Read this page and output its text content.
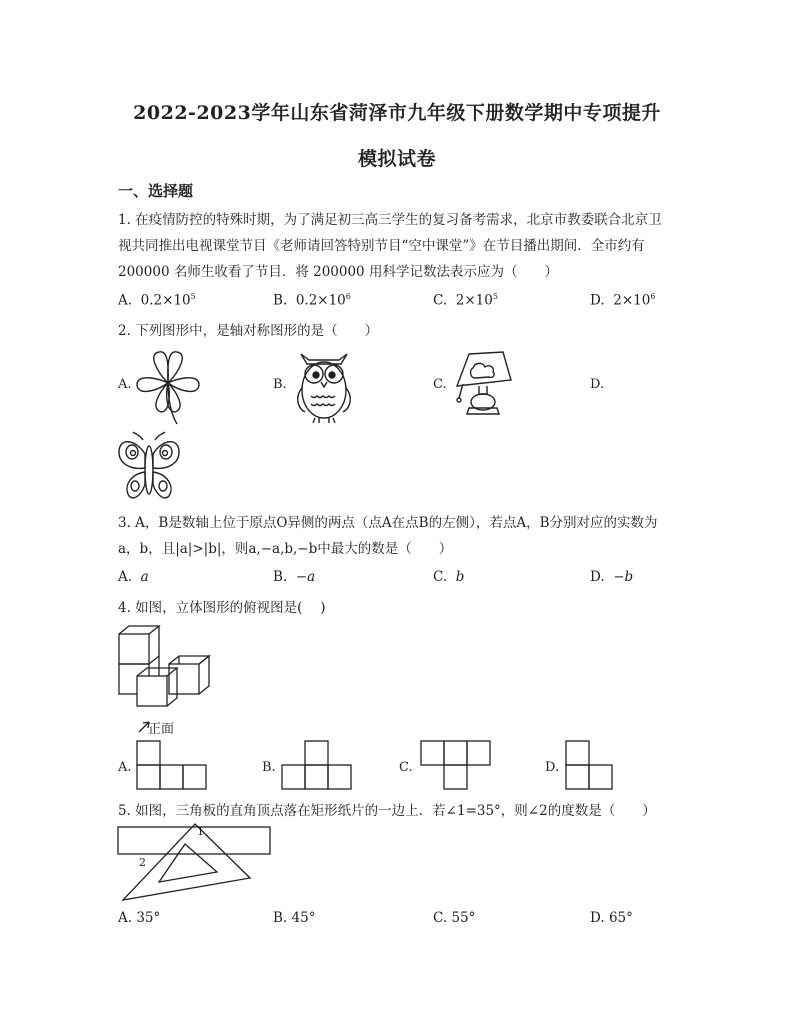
2022-2023学年山东省菏泽市九年级下册数学期中专项提升
模拟试卷
一、选择题
1. 在疫情防控的特殊时期，为了满足初三高三学生的复习备考需求，北京市教委联合北京卫
视共同推出电视课堂节目《老师请回答特别节目“空中课堂”》在节目播出期间．全市约有
200000 名师生收看了节目．将 200000 用科学记数法表示应为（　　）
A. $0.2\times 10^5$	B. $0.2\times 10^6$	C. $2\times 10^5$	D. $2\times 10^6$
2. 下列图形中，是轴对称图形的是（　　）
A.	B.	C.	D.
3. A，B是数轴上位于原点O异侧的两点（点A在点B的左侧），若点A，B分别对应的实数为
a，b，且|a|>|b|，则a,−a,b,−b中最大的数是（　　）
A. a	B. −a	C. b	D. −b
4. 如图，立体图形的俯视图是(　 )
正面
A.	B.	C.	D.
5. 如图，三角板的直角顶点落在矩形纸片的一边上．若∠1=35°，则∠2的度数是（　　）
1
2
A. 35°	B. 45°	C. 55°	D. 65°
